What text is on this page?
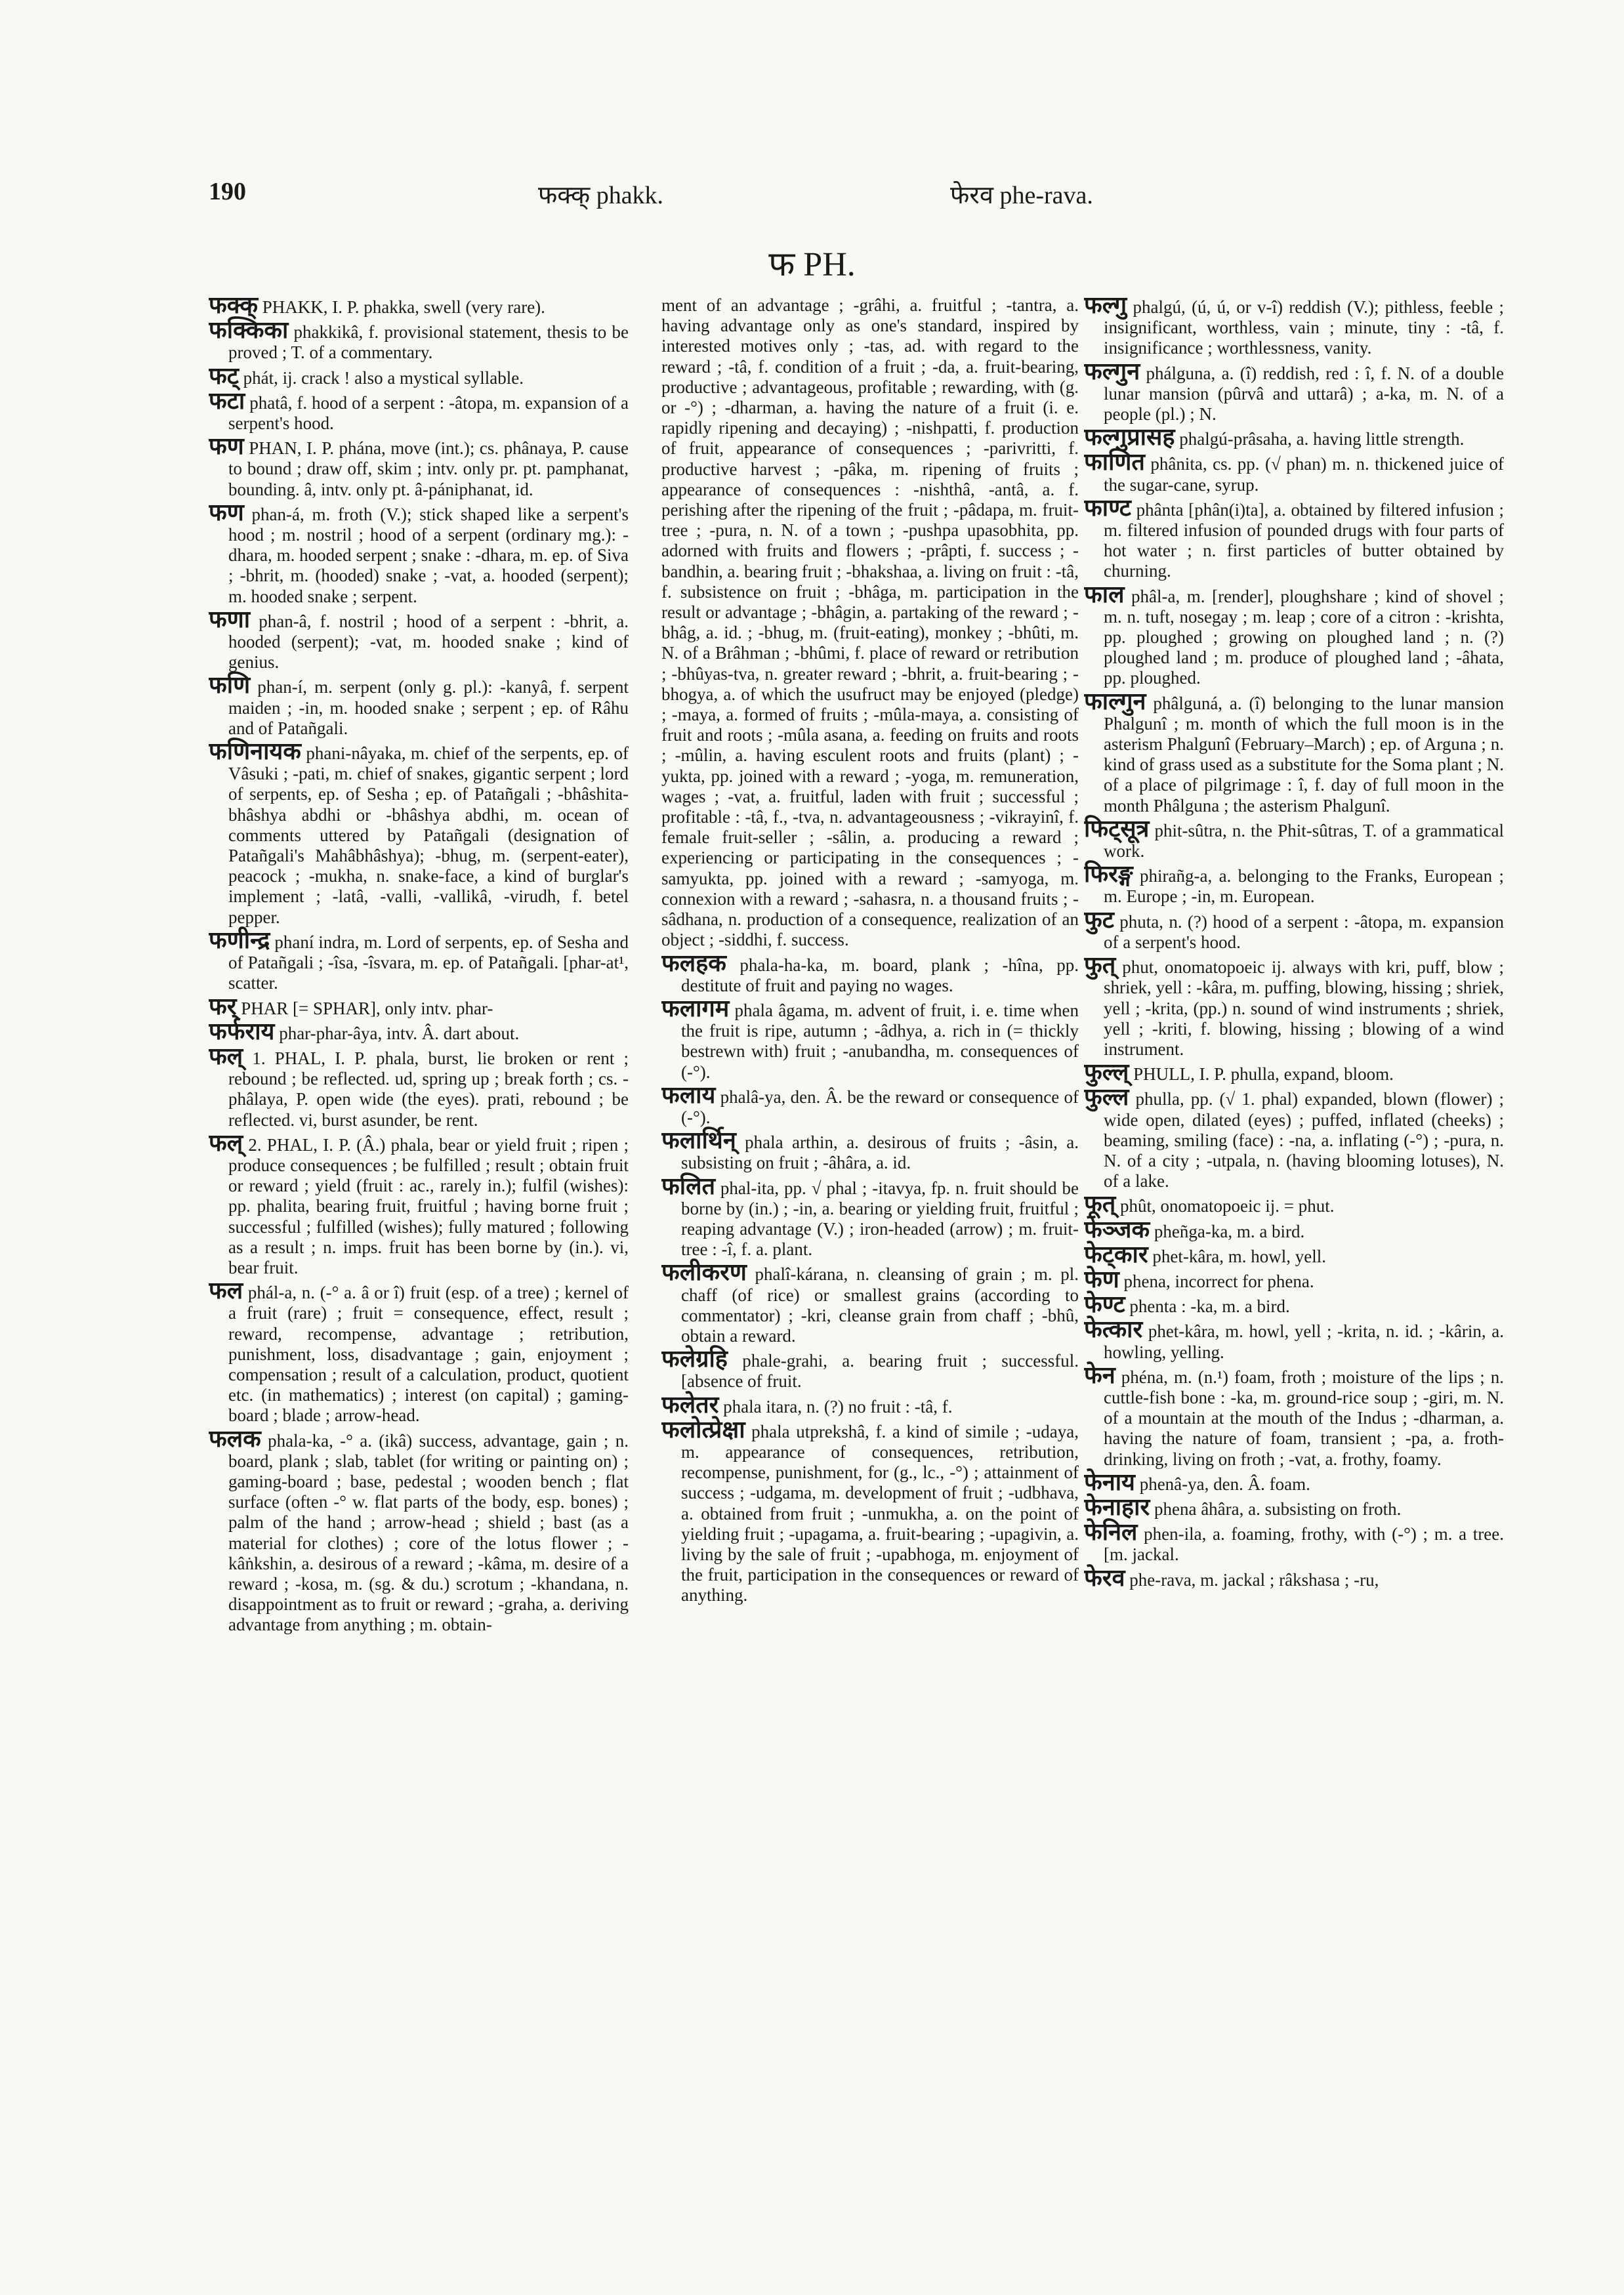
190	फक्क् phakk.	फेरव phe-rava.
फ PH.

फक्क् PHAKK, I. P. phakka, swell (very rare).

फक्किका phakkikâ, f. provisional statement, thesis to be proved ; T. of a commentary.

फट् phát, ij. crack ! also a mystical syllable.

फटा phatâ, f. hood of a serpent : -âtopa, m. expansion of a serpent's hood.

फण PHAN, I. P. phána, move (int.); cs. phânaya, P. cause to bound ; draw off, skim ; intv. only pr. pt. pamphanat, bounding. â, intv. only pt. â-pániphanat, id.

फण phan-á, m. froth (V.); stick shaped like a serpent's hood ; m. nostril ; hood of a serpent (ordinary mg.): -dhara, m. hooded serpent ; snake : -dhara, m. ep. of Siva ; -bhrit, m. (hooded) snake ; -vat, a. hooded (serpent); m. hooded snake ; serpent.

फणा phan-â, f. nostril ; hood of a serpent : -bhrit, a. hooded (serpent); -vat, m. hooded snake ; kind of genius.

फणि phan-í, m. serpent (only g. pl.): -kanyâ, f. serpent maiden ; -in, m. hooded snake ; serpent ; ep. of Râhu and of Patañgali.

फणिनायक phani-nâyaka, m. chief of the serpents, ep. of Vâsuki ; -pati, m. chief of snakes, gigantic serpent ; lord of serpents, ep. of Sesha ; ep. of Patañgali ; -bhâshita-bhâshya abdhi or -bhâshya abdhi, m. ocean of comments uttered by Patañgali (designation of Patañgali's Mahâbhâshya); -bhug, m. (serpent-eater), peacock ; -mukha, n. snake-face, a kind of burglar's implement ; -latâ, -valli, -vallikâ, -virudh, f. betel pepper.

फणीन्द्र phaní indra, m. Lord of serpents, ep. of Sesha and of Patañgali ; -îsa, -îsvara, m. ep. of Patañgali. [phar-at¹, scatter.

फर् PHAR [= SPHAR], only intv. phar-

फर्फराय phar-phar-âya, intv. Â. dart about.

फल् 1. PHAL, I. P. phala, burst, lie broken or rent ; rebound ; be reflected. ud, spring up ; break forth ; cs. -phâlaya, P. open wide (the eyes). prati, rebound ; be reflected. vi, burst asunder, be rent.

फल् 2. PHAL, I. P. (Â.) phala, bear or yield fruit ; ripen ; produce consequences ; be fulfilled ; result ; obtain fruit or reward ; yield (fruit : ac., rarely in.); fulfil (wishes): pp. phalita, bearing fruit, fruitful ; having borne fruit ; successful ; fulfilled (wishes); fully matured ; following as a result ; n. imps. fruit has been borne by (in.). vi, bear fruit.

फल phál-a, n. (-° a. â or î) fruit (esp. of a tree) ; kernel of a fruit (rare) ; fruit = consequence, effect, result ; reward, recompense, advantage ; retribution, punishment, loss, disadvantage ; gain, enjoyment ; compensation ; result of a calculation, product, quotient etc. (in mathematics) ; interest (on capital) ; gaming-board ; blade ; arrow-head.

फलक phala-ka, -° a. (ikâ) success, advantage, gain ; n. board, plank ; slab, tablet (for writing or painting on) ; gaming-board ; base, pedestal ; wooden bench ; flat surface (often -° w. flat parts of the body, esp. bones) ; palm of the hand ; arrow-head ; shield ; bast (as a material for clothes) ; core of the lotus flower ; -kâṅkshin, a. desirous of a reward ; -kâma, m. desire of a reward ; -kosa, m. (sg. & du.) scrotum ; -khandana, n. disappointment as to fruit or reward ; -graha, a. deriving advantage from anything ; m. obtain-

ment of an advantage ; -grâhi, a. fruitful ; -tantra, a. having advantage only as one's standard, inspired by interested motives only ; -tas, ad. with regard to the reward ; -tâ, f. condition of a fruit ; -da, a. fruit-bearing, productive ; advantageous, profitable ; rewarding, with (g. or -°) ; -dharman, a. having the nature of a fruit (i. e. rapidly ripening and decaying) ; -nishpatti, f. production of fruit, appearance of consequences ; -parivritti, f. productive harvest ; -pâka, m. ripening of fruits ; appearance of consequences : -nishthâ, -antâ, a. f. perishing after the ripening of the fruit ; -pâdapa, m. fruit-tree ; -pura, n. N. of a town ; -pushpa upasobhita, pp. adorned with fruits and flowers ; -prâpti, f. success ; -bandhin, a. bearing fruit ; -bhakshaa, a. living on fruit : -tâ, f. subsistence on fruit ; -bhâga, m. participation in the result or advantage ; -bhâgin, a. partaking of the reward ; -bhâg, a. id. ; -bhug, m. (fruit-eating), monkey ; -bhûti, m. N. of a Brâhman ; -bhûmi, f. place of reward or retribution ; -bhûyas-tva, n. greater reward ; -bhrit, a. fruit-bearing ; -bhogya, a. of which the usufruct may be enjoyed (pledge) ; -maya, a. formed of fruits ; -mûla-maya, a. consisting of fruit and roots ; -mûla asana, a. feeding on fruits and roots ; -mûlin, a. having esculent roots and fruits (plant) ; -yukta, pp. joined with a reward ; -yoga, m. remuneration, wages ; -vat, a. fruitful, laden with fruit ; successful ; profitable : -tâ, f., -tva, n. advantageousness ; -vikrayinî, f. female fruit-seller ; -sâlin, a. producing a reward ; experiencing or participating in the consequences ; -samyukta, pp. joined with a reward ; -samyoga, m. connexion with a reward ; -sahasra, n. a thousand fruits ; -sâdhana, n. production of a consequence, realization of an object ; -siddhi, f. success.

फलहक phala-ha-ka, m. board, plank ; -hîna, pp. destitute of fruit and paying no wages.

फलागम phala âgama, m. advent of fruit, i. e. time when the fruit is ripe, autumn ; -âdhya, a. rich in (= thickly bestrewn with) fruit ; -anubandha, m. consequences of (-°).

फलाय phalâ-ya, den. Â. be the reward or consequence of (-°).

फलार्थिन् phala arthin, a. desirous of fruits ; -âsin, a. subsisting on fruit ; -âhâra, a. id.

फलित phal-ita, pp. √ phal ; -itavya, fp. n. fruit should be borne by (in.) ; -in, a. bearing or yielding fruit, fruitful ; reaping advantage (V.) ; iron-headed (arrow) ; m. fruit-tree : -î, f. a. plant.

फलीकरण phalî-kárana, n. cleansing of grain ; m. pl. chaff (of rice) or smallest grains (according to commentator) ; -kri, cleanse grain from chaff ; -bhû, obtain a reward.

फलेग्रहि phale-grahi, a. bearing fruit ; successful. [absence of fruit.

फलेतर phala itara, n. (?) no fruit : -tâ, f.

फलोत्प्रेक्षा phala utprekshâ, f. a kind of simile ; -udaya, m. appearance of consequences, retribution, recompense, punishment, for (g., lc., -°) ; attainment of success ; -udgama, m. development of fruit ; -udbhava, a. obtained from fruit ; -unmukha, a. on the point of yielding fruit ; -upagama, a. fruit-bearing ; -upagivin, a. living by the sale of fruit ; -upabhoga, m. enjoyment of the fruit, participation in the consequences or reward of anything.

फल्गु phalgú, (ú, ú, or v-î) reddish (V.); pithless, feeble ; insignificant, worthless, vain ; minute, tiny : -tâ, f. insignificance ; worthlessness, vanity.

फल्गुन phálguna, a. (î) reddish, red : î, f. N. of a double lunar mansion (pûrvâ and uttarâ) ; a-ka, m. N. of a people (pl.) ; N.

फल्गुप्रासह phalgú-prâsaha, a. having little strength.

फाणित phânita, cs. pp. (√ phan) m. n. thickened juice of the sugar-cane, syrup.

फाण्ट phânta [phân(i)ta], a. obtained by filtered infusion ; m. filtered infusion of pounded drugs with four parts of hot water ; n. first particles of butter obtained by churning.

फाल phâl-a, m. [render], ploughshare ; kind of shovel ; m. n. tuft, nosegay ; m. leap ; core of a citron : -krishta, pp. ploughed ; growing on ploughed land ; n. (?) ploughed land ; m. produce of ploughed land ; -âhata, pp. ploughed.

फाल्गुन phâlguná, a. (î) belonging to the lunar mansion Phalgunî ; m. month of which the full moon is in the asterism Phalgunî (February–March) ; ep. of Arguna ; n. kind of grass used as a substitute for the Soma plant ; N. of a place of pilgrimage : î, f. day of full moon in the month Phâlguna ; the asterism Phalgunî.

फिट्सूत्र phit-sûtra, n. the Phit-sûtras, T. of a grammatical work.

फिरङ्ग phirañg-a, a. belonging to the Franks, European ; m. Europe ; -in, m. European.

फुट phuta, n. (?) hood of a serpent : -âtopa, m. expansion of a serpent's hood.

फुत् phut, onomatopoeic ij. always with kri, puff, blow ; shriek, yell : -kâra, m. puffing, blowing, hissing ; shriek, yell ; -krita, (pp.) n. sound of wind instruments ; shriek, yell ; -kriti, f. blowing, hissing ; blowing of a wind instrument.

फुल्ल् PHULL, I. P. phulla, expand, bloom.

फुल्ल phulla, pp. (√ 1. phal) expanded, blown (flower) ; wide open, dilated (eyes) ; puffed, inflated (cheeks) ; beaming, smiling (face) : -na, a. inflating (-°) ; -pura, n. N. of a city ; -utpala, n. (having blooming lotuses), N. of a lake.

फूत् phût, onomatopoeic ij. = phut.

फेञ्जक pheñga-ka, m. a bird.

फेट्कार phet-kâra, m. howl, yell.

फेण phena, incorrect for phena.

फेण्ट phenta : -ka, m. a bird.

फेत्कार phet-kâra, m. howl, yell ; -krita, n. id. ; -kârin, a. howling, yelling.

फेन phéna, m. (n.¹) foam, froth ; moisture of the lips ; n. cuttle-fish bone : -ka, m. ground-rice soup ; -giri, m. N. of a mountain at the mouth of the Indus ; -dharman, a. having the nature of foam, transient ; -pa, a. froth-drinking, living on froth ; -vat, a. frothy, foamy.

फेनाय phenâ-ya, den. Â. foam.

फेनाहार phena âhâra, a. subsisting on froth.

फेनिल phen-ila, a. foaming, frothy, with (-°) ; m. a tree. [m. jackal.

फेरव phe-rava, m. jackal ; râkshasa ; -ru,
